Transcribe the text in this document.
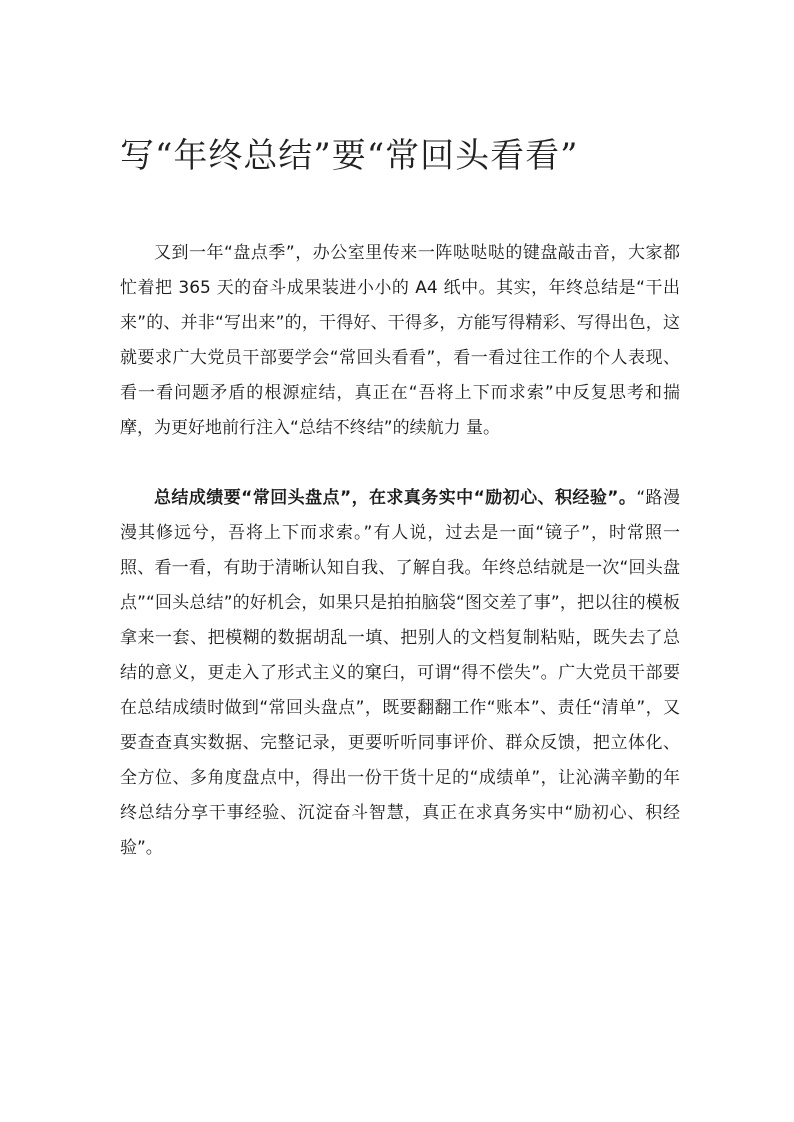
写“年终总结”要“常回头看看”

又到一年“盘点季”，办公室里传来一阵哒哒哒的键盘敲击音，大家都忙着把 365 天的奋斗成果装进小小的 A4 纸中。其实，年终总结是“干出来”的、并非“写出来”的，干得好、干得多，方能写得精彩、写得出色，这就要求广大党员干部要学会“常回头看看”，看一看过往工作的个人表现、看一看问题矛盾的根源症结，真正在“吾将上下而求索”中反复思考和揣摩，为更好地前行注入“总结不终结”的续航力 量。

总结成绩要“常回头盘点”，在求真务实中“励初心、积经验”。“路漫漫其修远兮，吾将上下而求索。”有人说，过去是一面“镜子”，时常照一照、看一看，有助于清晰认知自我、了解自我。年终总结就是一次“回头盘点”“回头总结”的好机会，如果只是拍拍脑袋“图交差了事”，把以往的模板拿来一套、把模糊的数据胡乱一填、把别人的文档复制粘贴，既失去了总结的意义，更走入了形式主义的窠臼，可谓“得不偿失”。广大党员干部要在总结成绩时做到“常回头盘点”，既要翻翻工作“账本”、责任“清单”，又要查查真实数据、完整记录，更要听听同事评价、群众反馈，把立体化、全方位、多角度盘点中，得出一份干货十足的“成绩单”，让沁满辛勤的年终总结分享干事经验、沉淀奋斗智慧，真正在求真务实中“励初心、积经验”。
